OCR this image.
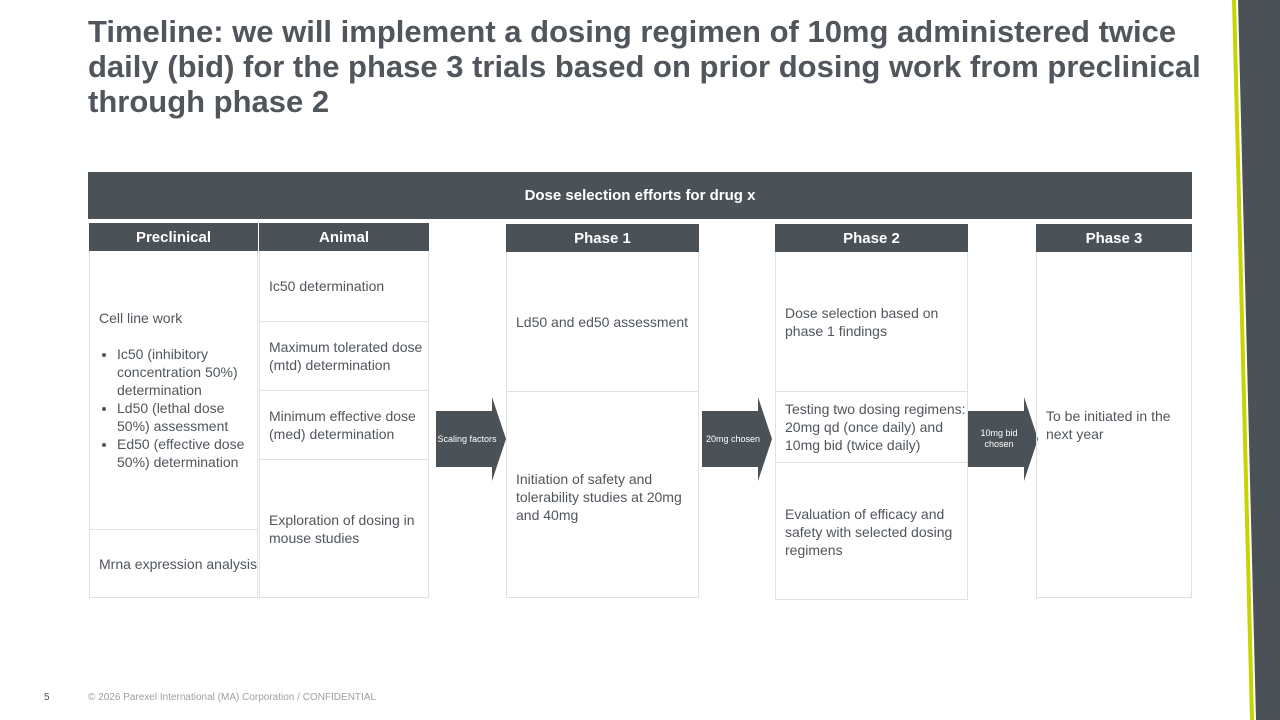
Timeline: we will implement a dosing regimen of 10mg administered twice daily (bid) for the phase 3 trials based on prior dosing work from preclinical through phase 2
Dose selection efforts for drug x
Preclinical
Cell line work
• Ic50 (inhibitory concentration 50%) determination
• Ld50 (lethal dose 50%) assessment
• Ed50 (effective dose 50%) determination
Mrna expression analysis
Animal
Ic50 determination
Maximum tolerated dose (mtd) determination
Minimum effective dose (med) determination
Exploration of dosing in mouse studies
Scaling factors
Phase 1
Ld50 and ed50 assessment
Initiation of safety and tolerability studies at 20mg and 40mg
20mg chosen
Phase 2
Dose selection based on phase 1 findings
Testing two dosing regimens: 20mg qd (once daily) and 10mg bid (twice daily)
Evaluation of efficacy and safety with selected dosing regimens
10mg bid chosen
Phase 3
To be initiated in the next year
5	© 2026 Parexel International (MA) Corporation / CONFIDENTIAL
